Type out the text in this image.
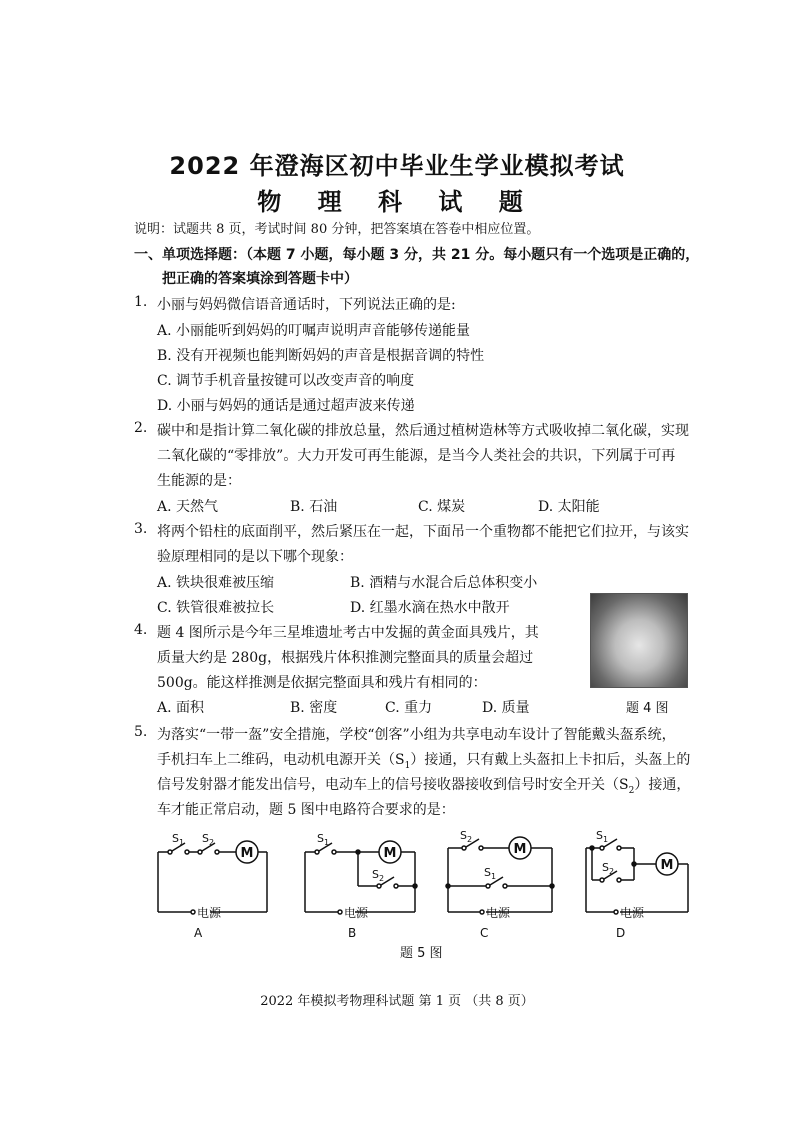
2022 年澄海区初中毕业生学业模拟考试
物 理 科 试 题
说明：试题共 8 页，考试时间 80 分钟，把答案填在答卷中相应位置。
一、单项选择题：（本题 7 小题，每小题 3 分，共 21 分。每小题只有一个选项是正确的，
把正确的答案填涂到答题卡中）
1. 小丽与妈妈微信语音通话时，下列说法正确的是:
A. 小丽能听到妈妈的叮嘱声说明声音能够传递能量
B. 没有开视频也能判断妈妈的声音是根据音调的特性
C. 调节手机音量按键可以改变声音的响度
D. 小丽与妈妈的通话是通过超声波来传递
2. 碳中和是指计算二氧化碳的排放总量，然后通过植树造林等方式吸收掉二氧化碳，实现
二氧化碳的“零排放”。大力开发可再生能源，是当今人类社会的共识，下列属于可再
生能源的是：
A. 天然气	B. 石油	C. 煤炭	D. 太阳能
3. 将两个铅柱的底面削平，然后紧压在一起，下面吊一个重物都不能把它们拉开，与该实
验原理相同的是以下哪个现象：
A. 铁块很难被压缩	B. 酒精与水混合后总体积变小
C. 铁管很难被拉长	D. 红墨水滴在热水中散开
题 4 图
4. 题 4 图所示是今年三星堆遗址考古中发掘的黄金面具残片，其
质量大约是 280g，根据残片体积推测完整面具的质量会超过
500g。能这样推测是依据完整面具和残片有相同的：
A. 面积	B. 密度	C. 重力	D. 质量
5. 为落实“一带一盔”安全措施，学校“创客”小组为共享电动车设计了智能戴头盔系统，
手机扫车上二维码，电动机电源开关$(S_1)$接通，只有戴上头盔扣上卡扣后，头盔上的
信号发射器才能发出信号，电动车上的信号接收器接收到信号时安全开关$(S_2)$接通，
车才能正常启动，题 5 图中电路符合要求的是：
$S_1$ $S_2$
M
电源
A
$S_1$
$S_2$
M
电源
B
$S_2$
$S_1$
M
电源
C
$S_1$
$S_2$	M
电源
D
题 5 图
2022 年模拟考物理科试题 第 1 页 （共 8 页）
